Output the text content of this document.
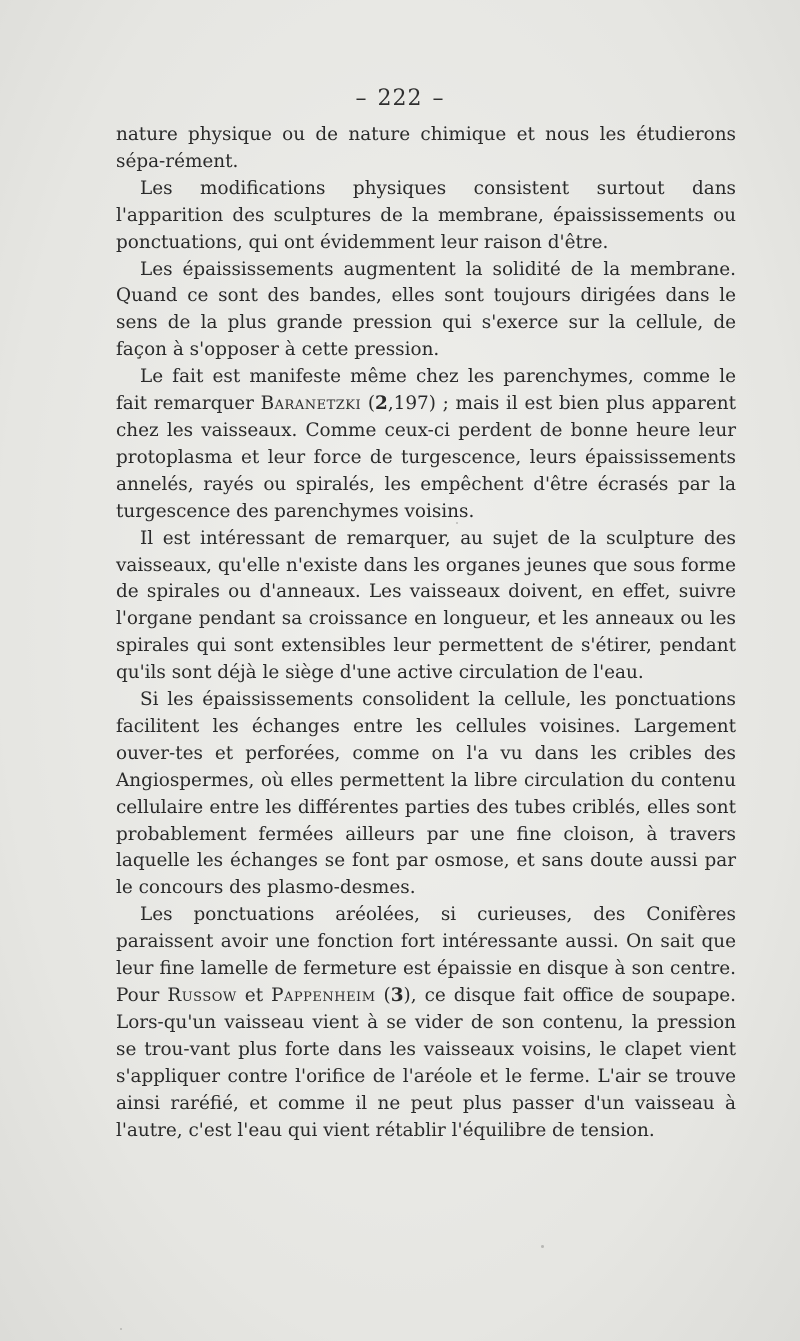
– 222 –

nature physique ou de nature chimique et nous les étudierons sépa-rément.

Les modifications physiques consistent surtout dans l'apparition des sculptures de la membrane, épaississements ou ponctuations, qui ont évidemment leur raison d'être.

Les épaississements augmentent la solidité de la membrane. Quand ce sont des bandes, elles sont toujours dirigées dans le sens de la plus grande pression qui s'exerce sur la cellule, de façon à s'opposer à cette pression.

Le fait est manifeste même chez les parenchymes, comme le fait remarquer Baranetzki (2,197) ; mais il est bien plus apparent chez les vaisseaux. Comme ceux-ci perdent de bonne heure leur protoplasma et leur force de turgescence, leurs épaississements annelés, rayés ou spiralés, les empêchent d'être écrasés par la turgescence des parenchymes voisins.

Il est intéressant de remarquer, au sujet de la sculpture des vaisseaux, qu'elle n'existe dans les organes jeunes que sous forme de spirales ou d'anneaux. Les vaisseaux doivent, en effet, suivre l'organe pendant sa croissance en longueur, et les anneaux ou les spirales qui sont extensibles leur permettent de s'étirer, pendant qu'ils sont déjà le siège d'une active circulation de l'eau.

Si les épaississements consolident la cellule, les ponctuations facilitent les échanges entre les cellules voisines. Largement ouver-tes et perforées, comme on l'a vu dans les cribles des Angiospermes, où elles permettent la libre circulation du contenu cellulaire entre les différentes parties des tubes criblés, elles sont probablement fermées ailleurs par une fine cloison, à travers laquelle les échanges se font par osmose, et sans doute aussi par le concours des plasmo-desmes.

Les ponctuations aréolées, si curieuses, des Conifères paraissent avoir une fonction fort intéressante aussi. On sait que leur fine lamelle de fermeture est épaissie en disque à son centre. Pour Russow et Pappenheim (3), ce disque fait office de soupape. Lors-qu'un vaisseau vient à se vider de son contenu, la pression se trou-vant plus forte dans les vaisseaux voisins, le clapet vient s'appliquer contre l'orifice de l'aréole et le ferme. L'air se trouve ainsi raréfié, et comme il ne peut plus passer d'un vaisseau à l'autre, c'est l'eau qui vient rétablir l'équilibre de tension.
